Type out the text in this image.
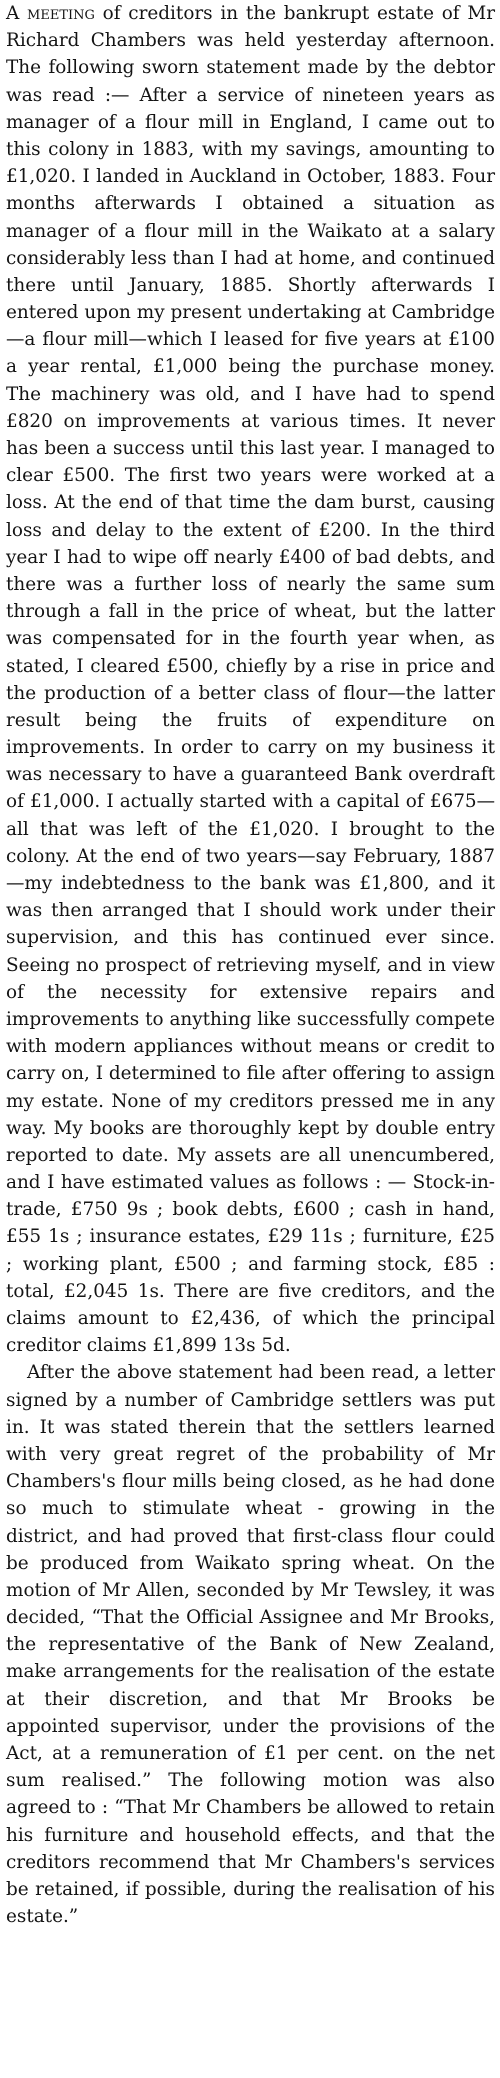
A meeting of creditors in the bankrupt estate of Mr Richard Chambers was held yesterday afternoon. The following sworn statement made by the debtor was read :— After a service of nineteen years as manager of a flour mill in England, I came out to this colony in 1883, with my savings, amounting to £1,020. I landed in Auckland in October, 1883. Four months afterwards I obtained a situation as manager of a flour mill in the Waikato at a salary considerably less than I had at home, and continued there until January, 1885. Shortly afterwards I entered upon my present undertaking at Cambridge—a flour mill—which I leased for five years at £100 a year rental, £1,000 being the purchase money. The machinery was old, and I have had to spend £820 on improvements at various times. It never has been a success until this last year. I managed to clear £500. The first two years were worked at a loss. At the end of that time the dam burst, causing loss and delay to the extent of £200. In the third year I had to wipe off nearly £400 of bad debts, and there was a further loss of nearly the same sum through a fall in the price of wheat, but the latter was compensated for in the fourth year when, as stated, I cleared £500, chiefly by a rise in price and the production of a better class of flour—the latter result being the fruits of expenditure on improvements. In order to carry on my business it was necessary to have a guaranteed Bank overdraft of £1,000. I actually started with a capital of £675—all that was left of the £1,020. I brought to the colony. At the end of two years—say February, 1887—my indebtedness to the bank was £1,800, and it was then arranged that I should work under their supervision, and this has continued ever since. Seeing no prospect of retrieving myself, and in view of the necessity for extensive repairs and improvements to anything like successfully compete with modern appliances without means or credit to carry on, I determined to file after offering to assign my estate. None of my creditors pressed me in any way. My books are thoroughly kept by double entry reported to date. My assets are all unencumbered, and I have estimated values as follows : — Stock-in-trade, £750 9s ; book debts, £600 ; cash in hand, £55 1s ; insurance estates, £29 11s ; furniture, £25 ; working plant, £500 ; and farming stock, £85 : total, £2,045 1s. There are five creditors, and the claims amount to £2,436, of which the principal creditor claims £1,899 13s 5d.

After the above statement had been read, a letter signed by a number of Cambridge settlers was put in. It was stated therein that the settlers learned with very great regret of the probability of Mr Chambers's flour mills being closed, as he had done so much to stimulate wheat - growing in the district, and had proved that first-class flour could be produced from Waikato spring wheat. On the motion of Mr Allen, seconded by Mr Tewsley, it was decided, “That the Official Assignee and Mr Brooks, the representative of the Bank of New Zealand, make arrangements for the realisation of the estate at their discretion, and that Mr Brooks be appointed supervisor, under the provisions of the Act, at a remuneration of £1 per cent. on the net sum realised.” The following motion was also agreed to : “That Mr Chambers be allowed to retain his furniture and household effects, and that the creditors recommend that Mr Chambers's services be retained, if possible, during the realisation of his estate.”
